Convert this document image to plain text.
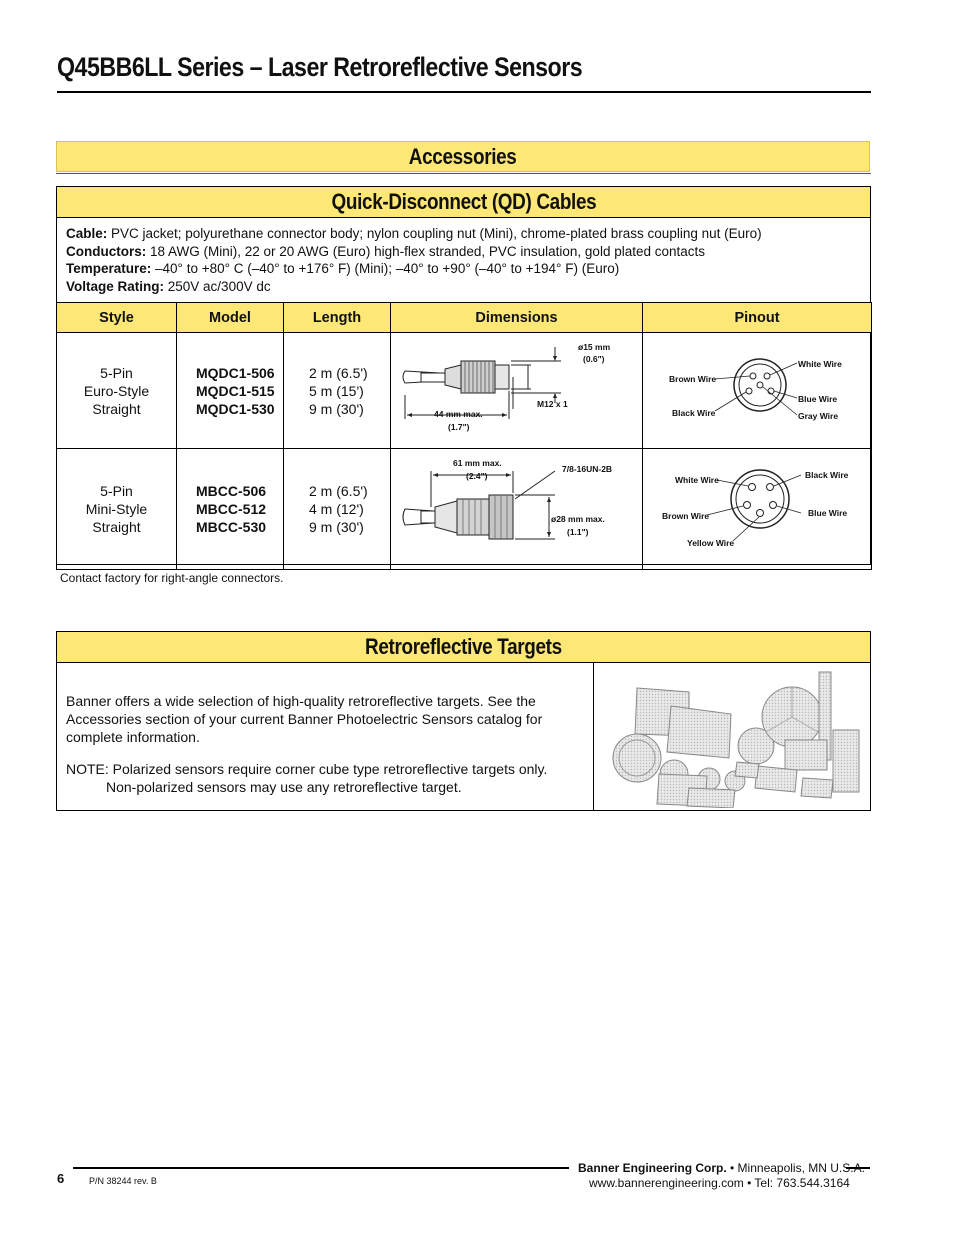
Q45BB6LL Series – Laser Retroreflective Sensors
Accessories
Quick-Disconnect (QD) Cables
Cable: PVC jacket; polyurethane connector body; nylon coupling nut (Mini), chrome-plated brass coupling nut (Euro)
Conductors: 18 AWG (Mini), 22 or 20 AWG (Euro) high-flex stranded, PVC insulation, gold plated contacts
Temperature: –40° to +80° C (–40° to +176° F) (Mini); –40° to +90° (–40° to +194° F) (Euro)
Voltage Rating: 250V ac/300V dc
Style	Model	Length	Dimensions	Pinout

5-Pin
Euro-Style
Straight	MQDC1-506
MQDC1-515
MQDC1-530	2 m (6.5')
5 m (15')
9 m (30')	ø15 mm
(0.6")
M12 x 1
44 mm max.
(1.7")	Brown Wire
Black Wire
White Wire
Blue Wire
Gray Wire

5-Pin
Mini-Style
Straight	MBCC-506
MBCC-512
MBCC-530	2 m (6.5')
4 m (12')
9 m (30')	61 mm max.
(2.4")
7/8-16UN-2B
ø28 mm max.
(1.1")	White Wire
Brown Wire
Yellow Wire
Black Wire
Blue Wire
Contact factory for right-angle connectors.
Retroreflective Targets

Banner offers a wide selection of high-quality retroreflective targets. See the Accessories section of your current Banner Photoelectric Sensors catalog for complete information.

NOTE: Polarized sensors require corner cube type retroreflective targets only. Non-polarized sensors may use any retroreflective target.

6	P/N 38244 rev. B
Banner Engineering Corp. • Minneapolis, MN U.S.A.
www.bannerengineering.com • Tel: 763.544.3164
